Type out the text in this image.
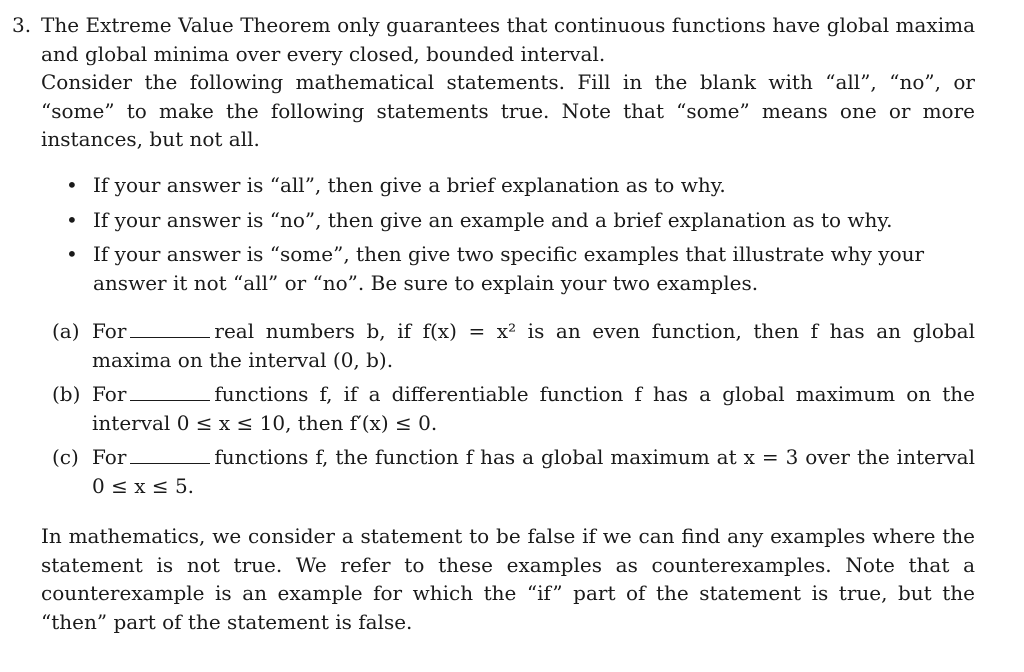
3. The Extreme Value Theorem only guarantees that continuous functions have global maxima and global minima over every closed, bounded interval.
Consider the following mathematical statements. Fill in the blank with “all”, “no”, or “some” to make the following statements true. Note that “some” means one or more instances, but not all.
• If your answer is “all”, then give a brief explanation as to why.
• If your answer is “no”, then give an example and a brief explanation as to why.
• If your answer is “some”, then give two specific examples that illustrate why your answer it not “all” or “no”. Be sure to explain your two examples.
(a) For	real numbers b, if f(x) = x² is an even function, then f has an global maxima on the interval (0, b).
(b) For	functions f, if a differentiable function f has a global maximum on the interval 0 ≤ x ≤ 10, then f′(x) ≤ 0.
(c) For	functions f, the function f has a global maximum at x = 3 over the interval 0 ≤ x ≤ 5.
In mathematics, we consider a statement to be false if we can find any examples where the statement is not true. We refer to these examples as counterexamples. Note that a counterexample is an example for which the “if” part of the statement is true, but the “then” part of the statement is false.
